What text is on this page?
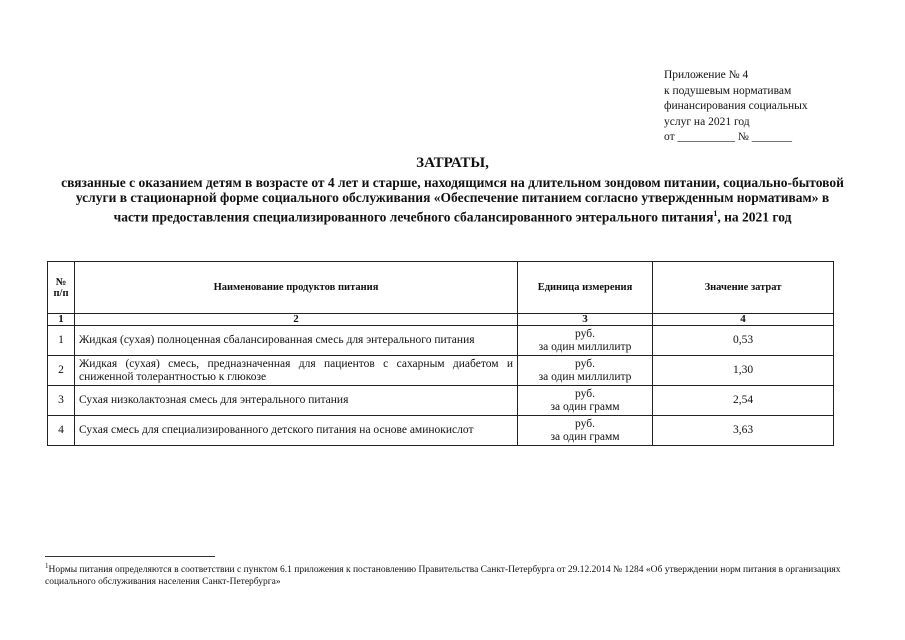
Приложение № 4
к подушевым нормативам
финансирования социальных
услуг на 2021 год
от __________ № _______
ЗАТРАТЫ,
связанные с оказанием детям в возрасте от 4 лет и старше, находящимся на длительном зондовом питании, социально-бытовой услуги в стационарной форме социального обслуживания «Обеспечение питанием согласно утвержденным нормативам» в части предоставления специализированного лечебного сбалансированного энтерального питания$^1$, на 2021 год
№ п/п	Наименование продуктов питания	Единица измерения	Значение затрат
1	2	3	4
1	Жидкая (сухая) полноценная сбалансированная смесь для энтерального питания	руб.
за один миллилитр	0,53
2	Жидкая (сухая) смесь, предназначенная для пациентов с сахарным диабетом и сниженной толерантностью к глюкозе	руб.
за один миллилитр	1,30
3	Сухая низколактозная смесь для энтерального питания	руб.
за один грамм	2,54
4	Сухая смесь для специализированного детского питания на основе аминокислот	руб.
за один грамм	3,63
$^1$Нормы питания определяются в соответствии с пунктом 6.1 приложения к постановлению Правительства Санкт-Петербурга от 29.12.2014 № 1284 «Об утверждении норм питания в организациях социального обслуживания населения Санкт-Петербурга»
